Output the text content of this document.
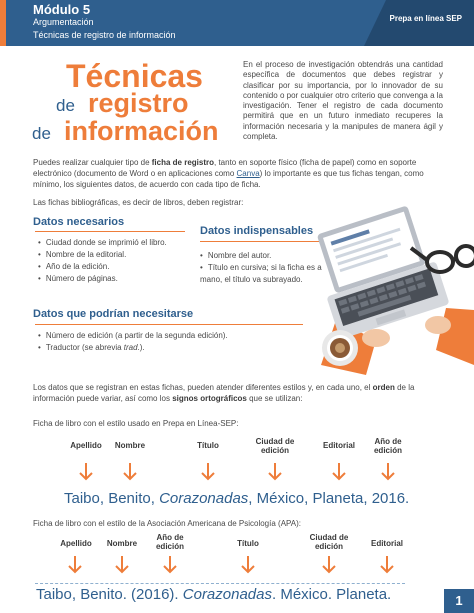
Módulo 5
Argumentación
Técnicas de registro de información
Prepa en línea SEP
Técnicas
de registro
de información
En el proceso de investigación obtendrás una cantidad específica de documentos que debes registrar y clasificar por su importancia, por lo innovador de su contenido o por cualquier otro criterio que convenga a la investigación. Tener el registro de cada documento permitirá que en un futuro inmediato recuperes la información necesaria y la manipules de manera ágil y completa.
Puedes realizar cualquier tipo de ficha de registro, tanto en soporte físico (ficha de papel) como en soporte electrónico (documento de Word o en aplicaciones como Canva) lo importante es que tus fichas tengan, como mínimo, los siguientes datos, de acuerdo con cada tipo de ficha.
Las fichas bibliográficas, es decir de libros, deben registrar:
Datos necesarios
• Ciudad donde se imprimió el libro.
• Nombre de la editorial.
• Año de la edición.
• Número de páginas.
Datos indispensables
• Nombre del autor.
• Título en cursiva; si la ficha es a mano, el título va subrayado.
Datos que podrían necesitarse
• Número de edición (a partir de la segunda edición).
• Traductor (se abrevia trad.).
Los datos que se registran en estas fichas, pueden atender diferentes estilos y, en cada uno, el orden de la información puede variar, así como los signos ortográficos que se utilizan:
Ficha de libro con el estilo usado en Prepa en Línea-SEP:
Apellido	Nombre	Título	Ciudad de edición
Editorial	Año de edición
Taibo, Benito, Corazonadas, México, Planeta, 2016.
Ficha de libro con el estilo de la Asociación Americana de Psicología (APA):
Apellido	Nombre
Año de edición	Título
Ciudad de edición	Editorial
Taibo, Benito. (2016). Corazonadas. México. Planeta.	1
